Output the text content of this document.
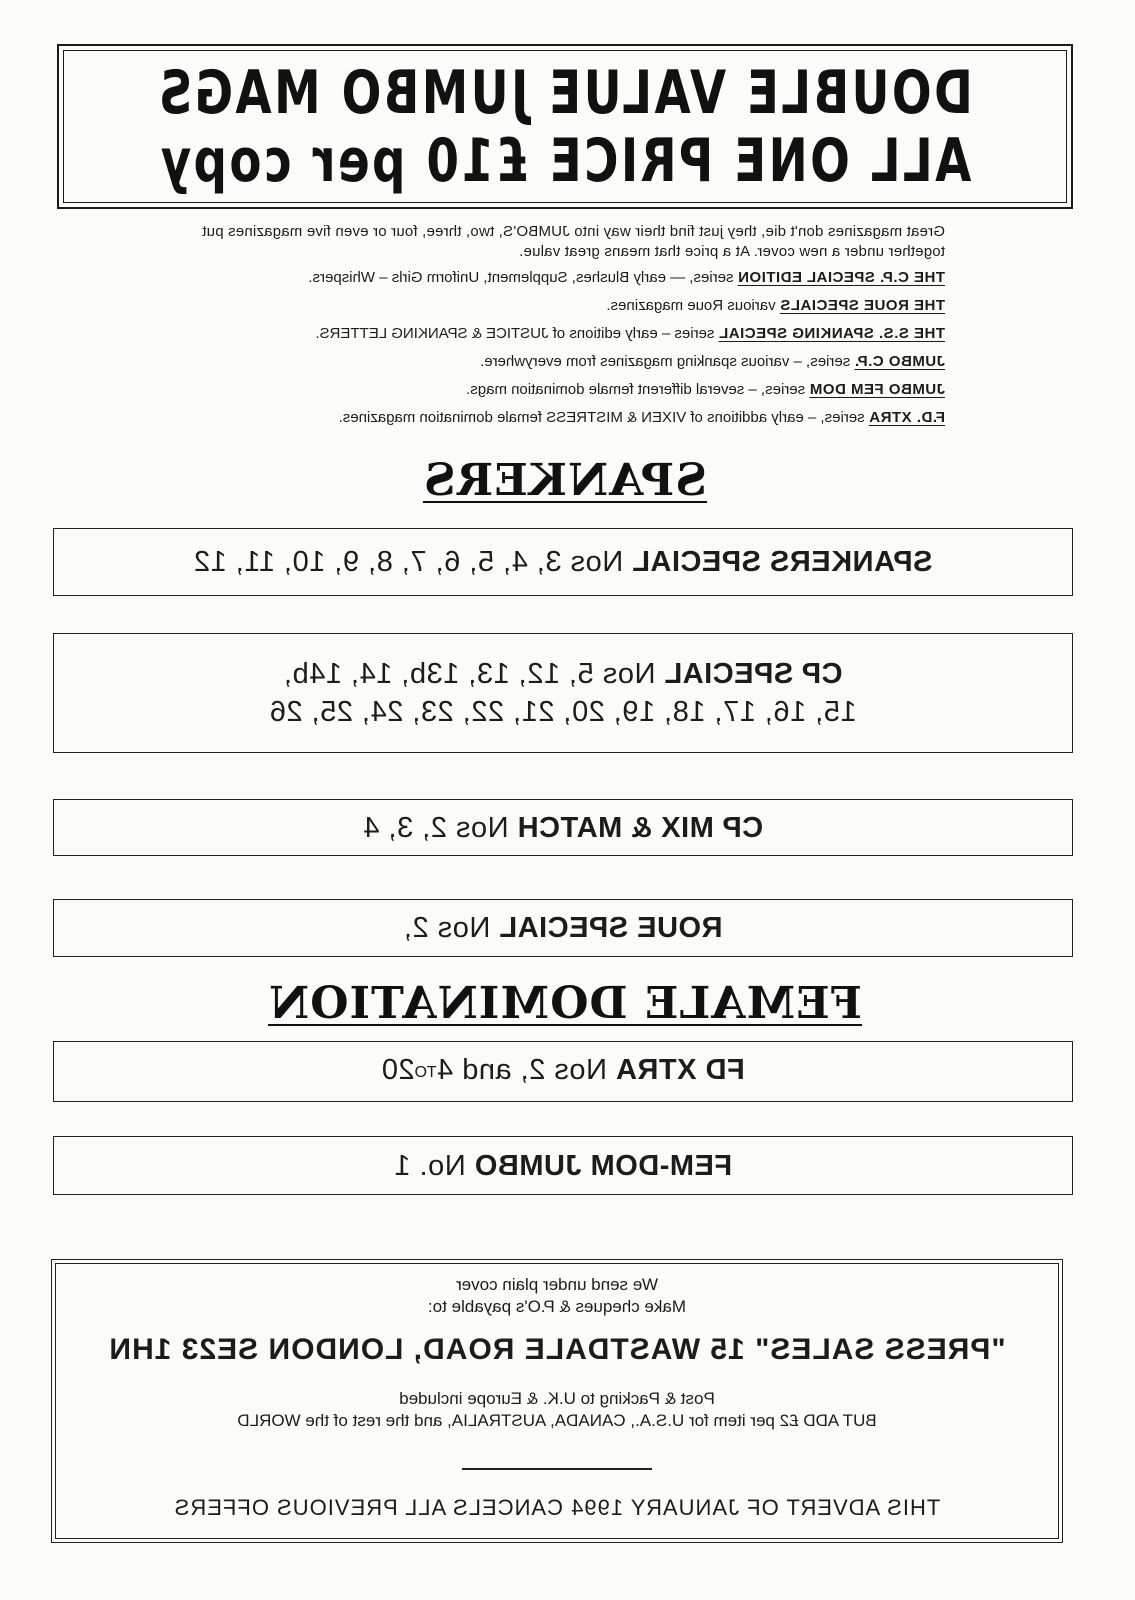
DOUBLE VALUE JUMBO MAGS
ALL ONE PRICE £10 per copy
Great magazines don't die, they just find their way into JUMBO'S, two, three, four or even five magazines put together under a new cover. At a price that means great value.
THE C.P. SPECIAL EDITION series, — early Blushes, Supplement, Uniform Girls – Whispers.
THE ROUE SPECIALS various Roue magazines.
THE S.S. SPANKING SPECIAL series – early editions of JUSTICE & SPANKING LETTERS.
JUMBO C.P. series, – various spanking magazines from everywhere.
JUMBO FEM DOM series, – several different female domination mags.
F.D. XTRA series, – early additions of VIXEN & MISTRESS female domination magazines.
SPANKERS
SPANKERS SPECIAL Nos 3, 4, 5, 6, 7, 8, 9, 10, 11, 12
CP SPECIAL Nos 5, 12, 13, 13b, 14, 14b,
15, 16, 17, 18, 19, 20, 21, 22, 23, 24, 25, 26
CP MIX & MATCH Nos 2, 3, 4
ROUE SPECIAL Nos 2,
FEMALE DOMINATION
FD XTRA Nos 2, and 4TO20
FEM-DOM JUMBO No. 1
We send under plain cover
Make cheques & P.O's payable to:
"PRESS SALES" 15 WASTDALE ROAD, LONDON SE23 1HN
Post & Packing to U.K. & Europe included
BUT ADD £2 per item for U.S.A., CANADA, AUSTRALIA, and the rest of the WORLD
THIS ADVERT OF JANUARY 1994 CANCELS ALL PREVIOUS OFFERS
